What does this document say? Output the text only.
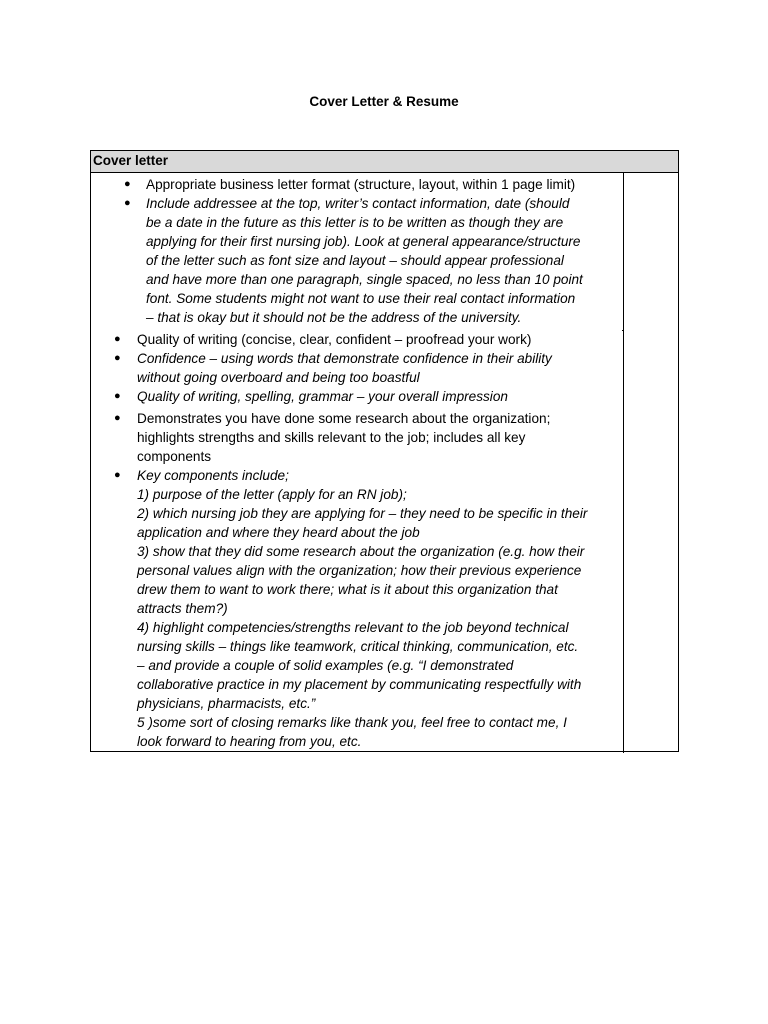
Cover Letter & Resume
Cover letter
● Appropriate business letter format (structure, layout, within 1 page limit)
● Include addressee at the top, writer’s contact information, date (should
be a date in the future as this letter is to be written as though they are
applying for their first nursing job). Look at general appearance/structure
of the letter such as font size and layout – should appear professional
and have more than one paragraph, single spaced, no less than 10 point
font. Some students might not want to use their real contact information
– that is okay but it should not be the address of the university.
● Quality of writing (concise, clear, confident – proofread your work)
● Confidence – using words that demonstrate confidence in their ability
without going overboard and being too boastful
● Quality of writing, spelling, grammar – your overall impression
● Demonstrates you have done some research about the organization;
highlights strengths and skills relevant to the job; includes all key
components
● Key components include;
1) purpose of the letter (apply for an RN job);
2) which nursing job they are applying for – they need to be specific in their
application and where they heard about the job
3) show that they did some research about the organization (e.g. how their
personal values align with the organization; how their previous experience
drew them to want to work there; what is it about this organization that
attracts them?)
4) highlight competencies/strengths relevant to the job beyond technical
nursing skills – things like teamwork, critical thinking, communication, etc.
– and provide a couple of solid examples (e.g. “I demonstrated
collaborative practice in my placement by communicating respectfully with
physicians, pharmacists, etc.”
5 )some sort of closing remarks like thank you, feel free to contact me, I
look forward to hearing from you, etc.
